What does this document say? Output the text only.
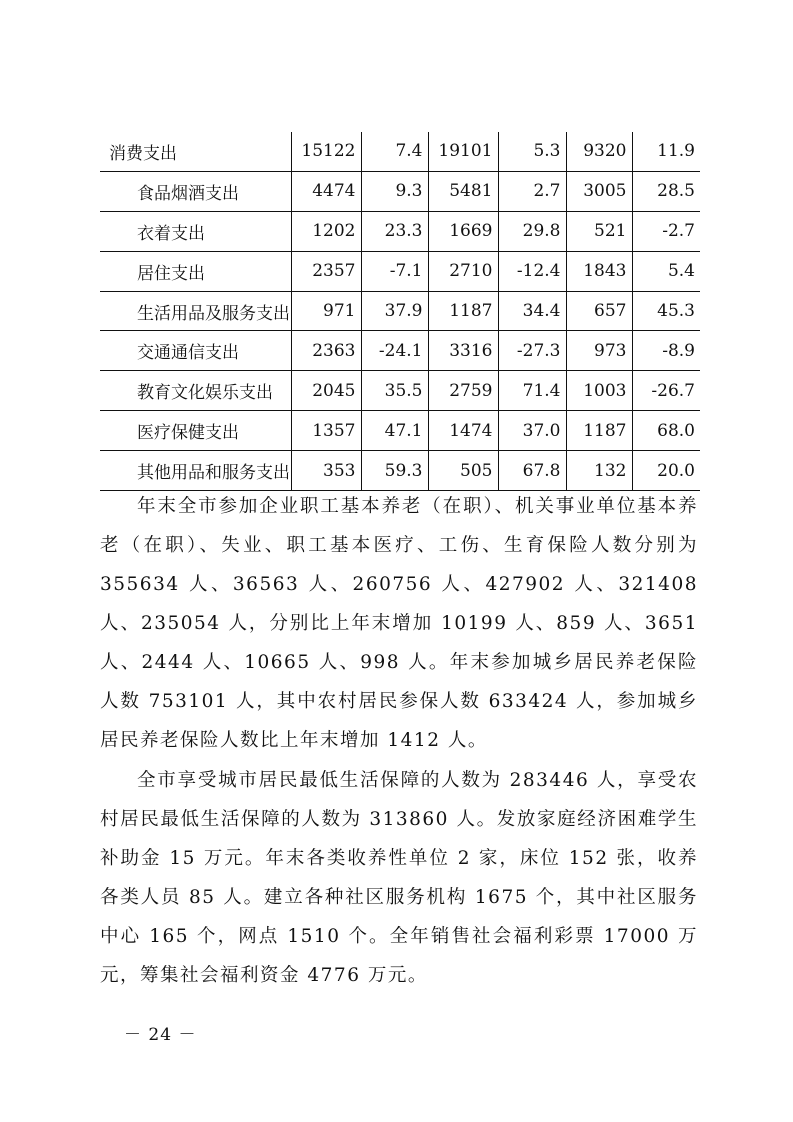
消费支出	15122	7.4	19101	5.3	9320	11.9
食品烟酒支出	4474	9.3	5481	2.7	3005	28.5
衣着支出	1202	23.3	1669	29.8	521	-2.7
居住支出	2357	-7.1	2710	-12.4	1843	5.4
生活用品及服务支出	971	37.9	1187	34.4	657	45.3
交通通信支出	2363	-24.1	3316	-27.3	973	-8.9
教育文化娱乐支出	2045	35.5	2759	71.4	1003	-26.7
医疗保健支出	1357	47.1	1474	37.0	1187	68.0
其他用品和服务支出	353	59.3	505	67.8	132	20.0

年末全市参加企业职工基本养老（在职）、机关事业单位基本养老（在职）、失业、职工基本医疗、工伤、生育保险人数分别为 355634 人、36563 人、260756 人、427902 人、321408 人、235054 人，分别比上年末增加 10199 人、859 人、3651 人、2444 人、10665 人、998 人。年末参加城乡居民养老保险人数 753101 人，其中农村居民参保人数 633424 人，参加城乡居民养老保险人数比上年末增加 1412 人。

全市享受城市居民最低生活保障的人数为 283446 人，享受农村居民最低生活保障的人数为 313860 人。发放家庭经济困难学生补助金 15 万元。年末各类收养性单位 2 家，床位 152 张，收养各类人员 85 人。建立各种社区服务机构 1675 个，其中社区服务中心 165 个，网点 1510 个。全年销售社会福利彩票 17000 万元，筹集社会福利资金 4776 万元。

－ 24 －
